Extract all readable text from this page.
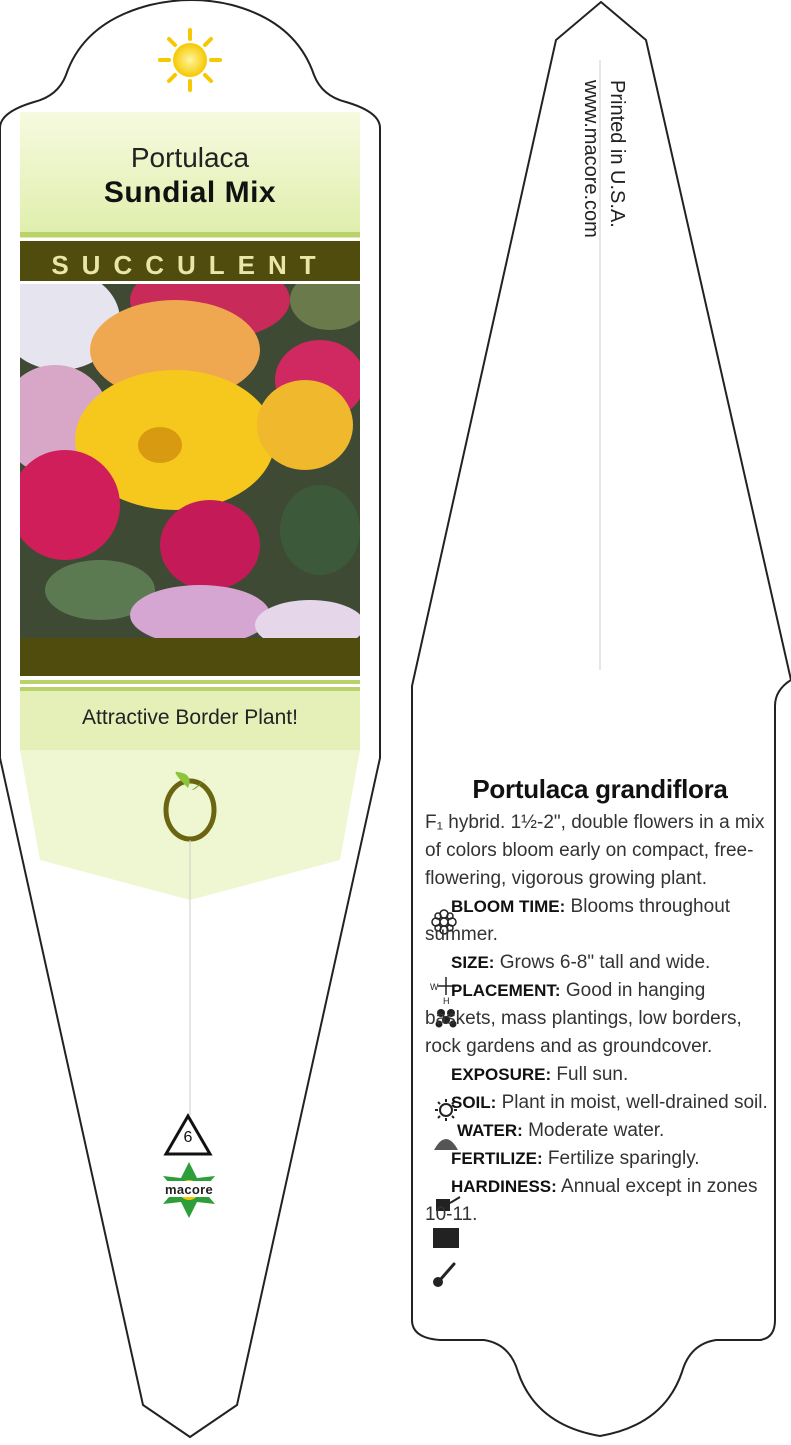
W
H
Portulaca
Sundial Mix
SUCCULENT
Attractive Border Plant!
6
macore
Printed in U.S.A.
www.macore.com
Portulaca grandiflora

F₁ hybrid. 1½-2", double flowers in a mix of colors bloom early on compact, free-flowering, vigorous growing plant.

BLOOM TIME: Blooms throughout summer.

SIZE: Grows 6-8" tall and wide.

PLACEMENT: Good in hanging baskets, mass plantings, low borders, rock gardens and as groundcover.

EXPOSURE: Full sun.

SOIL: Plant in moist, well-drained soil.

WATER: Moderate water.

NPK FERTILIZE: Fertilize sparingly.

HARDINESS: Annual except in zones 10-11.
